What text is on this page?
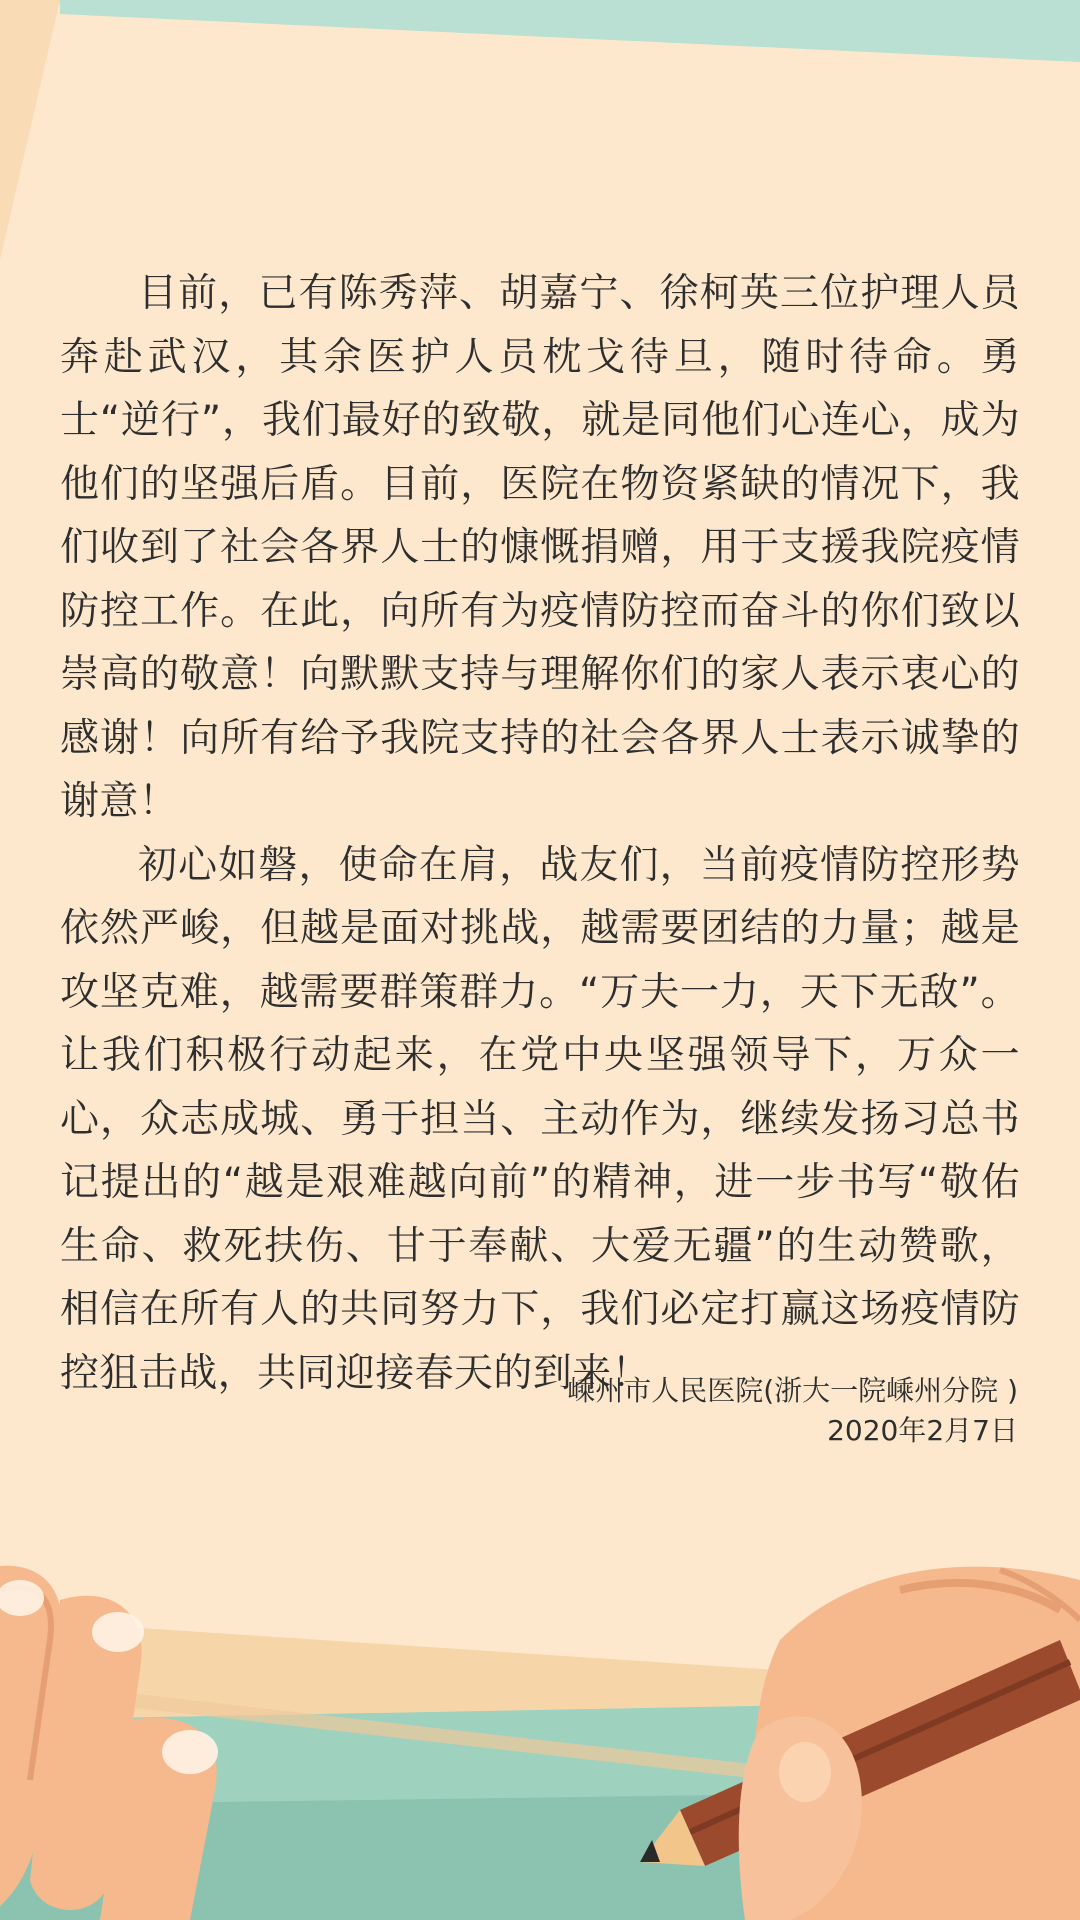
目前，已有陈秀萍、胡嘉宁、徐柯英三位护理人员奔赴武汉，其余医护人员枕戈待旦，随时待命。勇士“逆行”，我们最好的致敬，就是同他们心连心，成为他们的坚强后盾。目前，医院在物资紧缺的情况下，我们收到了社会各界人士的慷慨捐赠，用于支援我院疫情防控工作。在此，向所有为疫情防控而奋斗的你们致以崇高的敬意！向默默支持与理解你们的家人表示衷心的感谢！向所有给予我院支持的社会各界人士表示诚挚的谢意！

初心如磐，使命在肩，战友们，当前疫情防控形势依然严峻，但越是面对挑战，越需要团结的力量；越是攻坚克难，越需要群策群力。“万夫一力，天下无敌”。让我们积极行动起来，在党中央坚强领导下，万众一心，众志成城、勇于担当、主动作为，继续发扬习总书记提出的“越是艰难越向前”的精神，进一步书写“敬佑生命、救死扶伤、甘于奉献、大爱无疆”的生动赞歌，相信在所有人的共同努力下，我们必定打赢这场疫情防控狙击战，共同迎接春天的到来！

嵊州市人民医院(浙大一院嵊州分院 )
2020年2月7日
